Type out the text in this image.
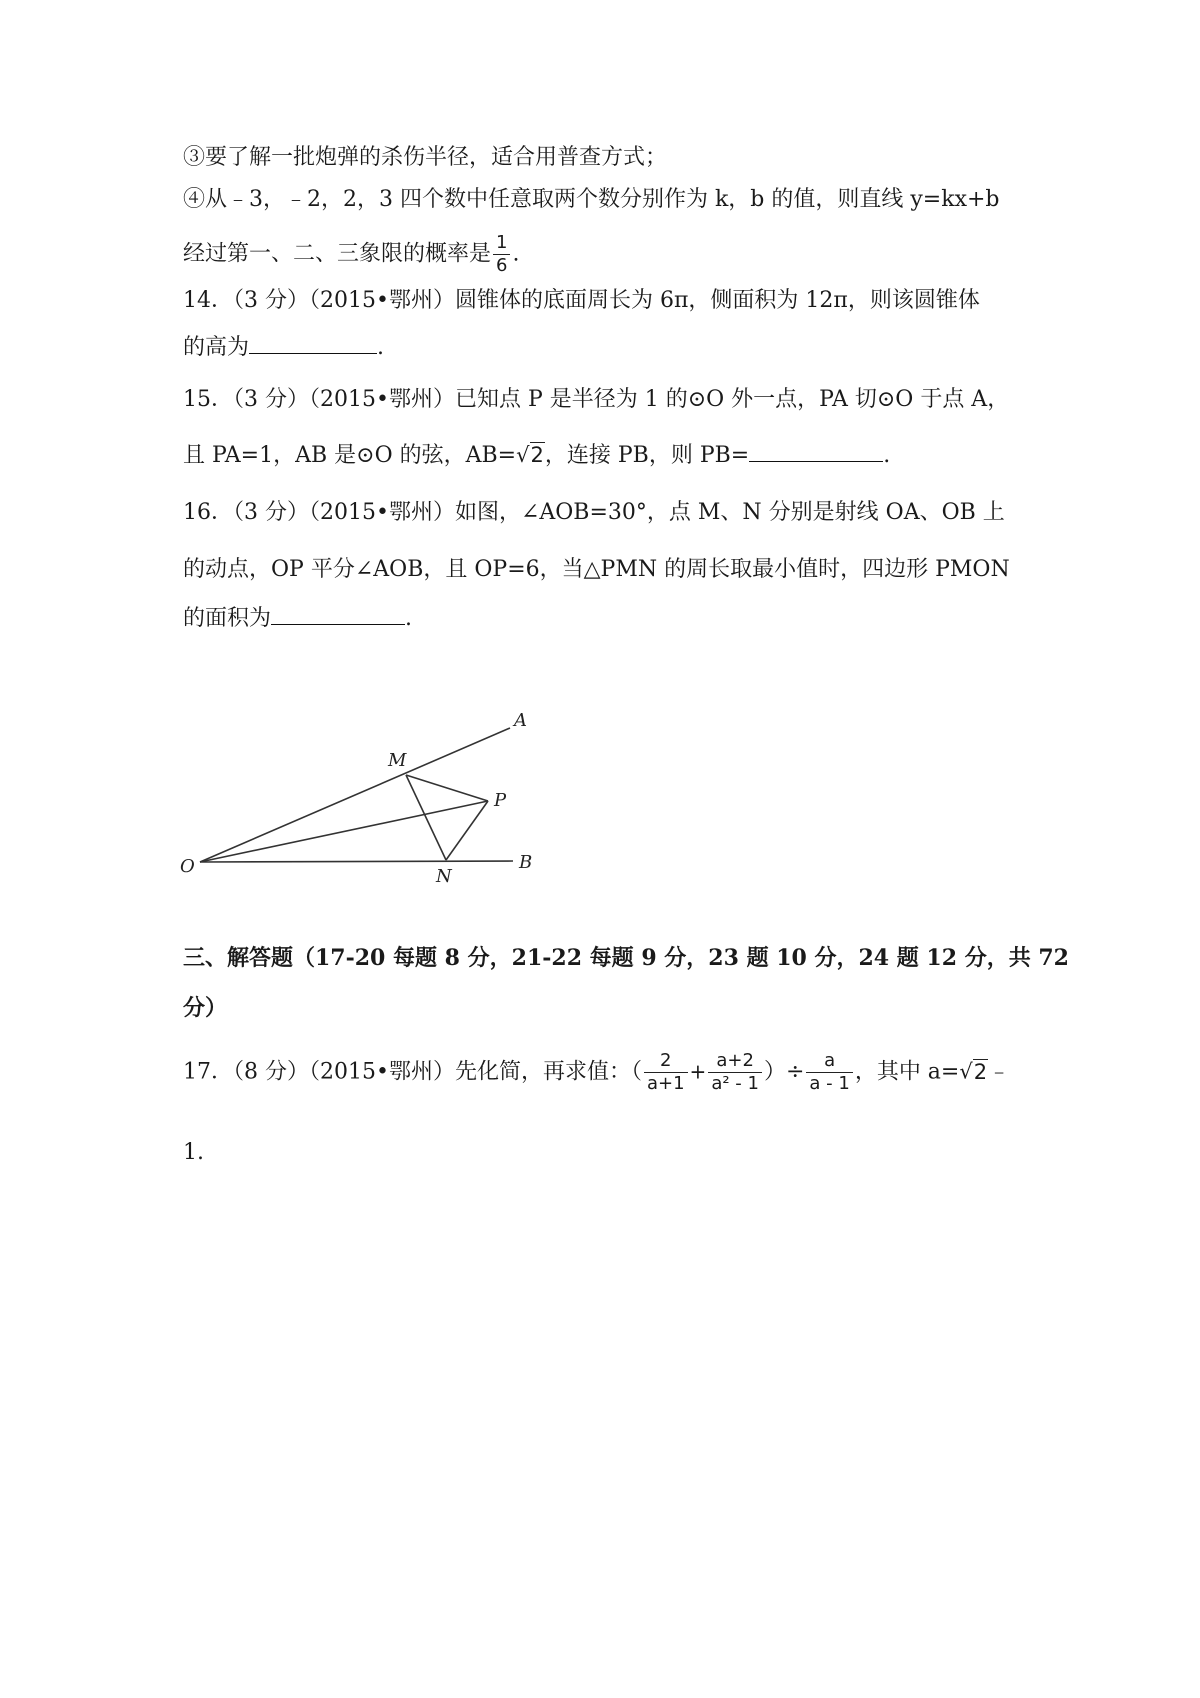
③要了解一批炮弹的杀伤半径，适合用普查方式；
④从﹣3，﹣2，2，3 四个数中任意取两个数分别作为 k，b 的值，则直线 y=kx+b
经过第一、二、三象限的概率是 $\frac{1}{6}$ .
14．（3 分）（2015•鄂州）圆锥体的底面周长为 6π，侧面积为 12π，则该圆锥体
的高为	.
15．（3 分）（2015•鄂州）已知点 P 是半径为 1 的⊙O 外一点，PA 切⊙O 于点 A，
且 PA=1，AB 是⊙O 的弦，AB=√2，连接 PB，则 PB=	.
16．（3 分）（2015•鄂州）如图，∠AOB=30°，点 M、N 分别是射线 OA、OB 上
的动点，OP 平分∠AOB，且 OP=6，当△PMN 的周长取最小值时，四边形 PMON
的面积为	.
O
A
B
M
N
P
三、解答题（17-20 每题 8 分，21-22 每题 9 分，23 题 10 分，24 题 12 分，共 72
分）
17．（8 分）（2015•鄂州）先化简，再求值：（ $\frac{2}{a+1} + \frac{a+2}{\text{a² - 1}}$ ）÷ $\frac{a}{a - 1}$ ，其中 a=√2﹣
1.
